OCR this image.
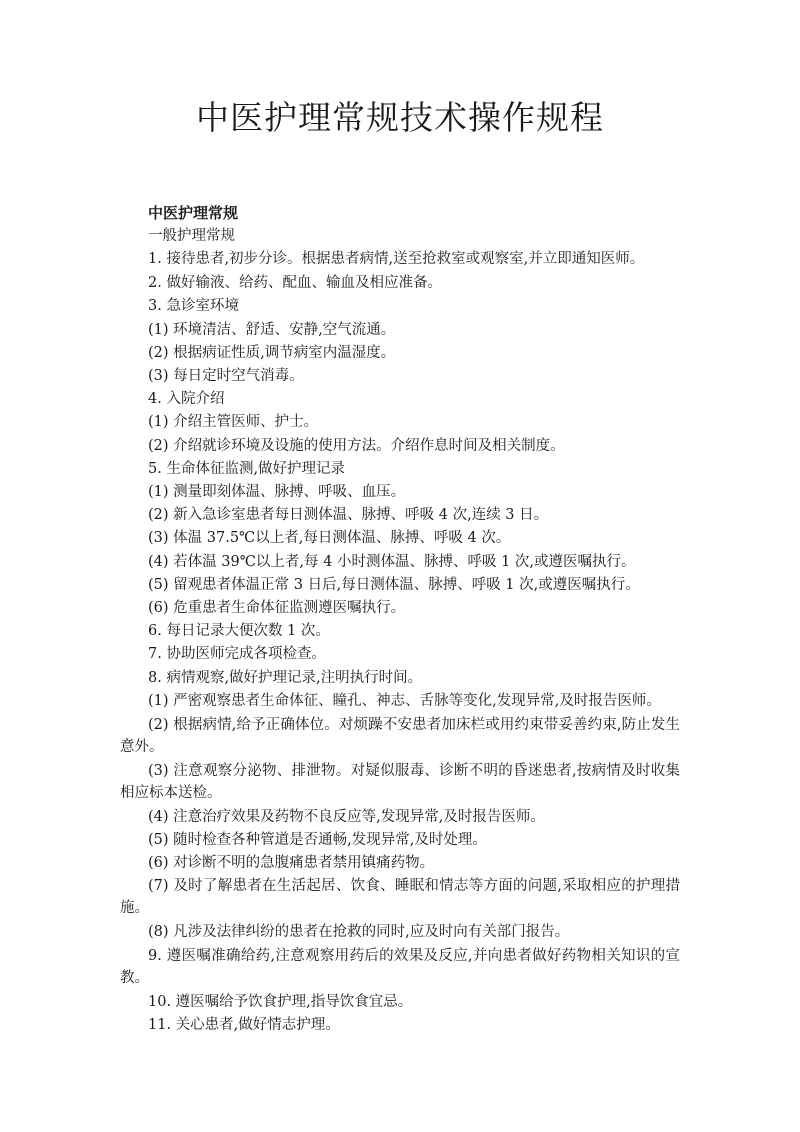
中医护理常规技术操作规程

中医护理常规

一般护理常规

1. 接待患者,初步分诊。根据患者病情,送至抢救室或观察室,并立即通知医师。

2. 做好输液、给药、配血、输血及相应准备。

3. 急诊室环境

(1) 环境清洁、舒适、安静,空气流通。

(2) 根据病证性质,调节病室内温湿度。

(3) 每日定时空气消毒。

4. 入院介绍

(1) 介绍主管医师、护士。

(2) 介绍就诊环境及设施的使用方法。介绍作息时间及相关制度。

5. 生命体征监测,做好护理记录

(1) 测量即刻体温、脉搏、呼吸、血压。

(2) 新入急诊室患者每日测体温、脉搏、呼吸 4 次,连续 3 日。

(3) 体温 37.5℃以上者,每日测体温、脉搏、呼吸 4 次。

(4) 若体温 39℃以上者,每 4 小时测体温、脉搏、呼吸 1 次,或遵医嘱执行。

(5) 留观患者体温正常 3 日后,每日测体温、脉搏、呼吸 1 次,或遵医嘱执行。

(6) 危重患者生命体征监测遵医嘱执行。

6. 每日记录大便次数 1 次。

7. 协助医师完成各项检查。

8. 病情观察,做好护理记录,注明执行时间。

(1) 严密观察患者生命体征、瞳孔、神志、舌脉等变化,发现异常,及时报告医师。

(2) 根据病情,给予正确体位。对烦躁不安患者加床栏或用约束带妥善约束,防止发生意外。

(3) 注意观察分泌物、排泄物。对疑似服毒、诊断不明的昏迷患者,按病情及时收集相应标本送检。

(4) 注意治疗效果及药物不良反应等,发现异常,及时报告医师。

(5) 随时检查各种管道是否通畅,发现异常,及时处理。

(6) 对诊断不明的急腹痛患者禁用镇痛药物。

(7) 及时了解患者在生活起居、饮食、睡眠和情志等方面的问题,采取相应的护理措施。

(8) 凡涉及法律纠纷的患者在抢救的同时,应及时向有关部门报告。

9. 遵医嘱准确给药,注意观察用药后的效果及反应,并向患者做好药物相关知识的宣教。

10. 遵医嘱给予饮食护理,指导饮食宜忌。

11. 关心患者,做好情志护理。
